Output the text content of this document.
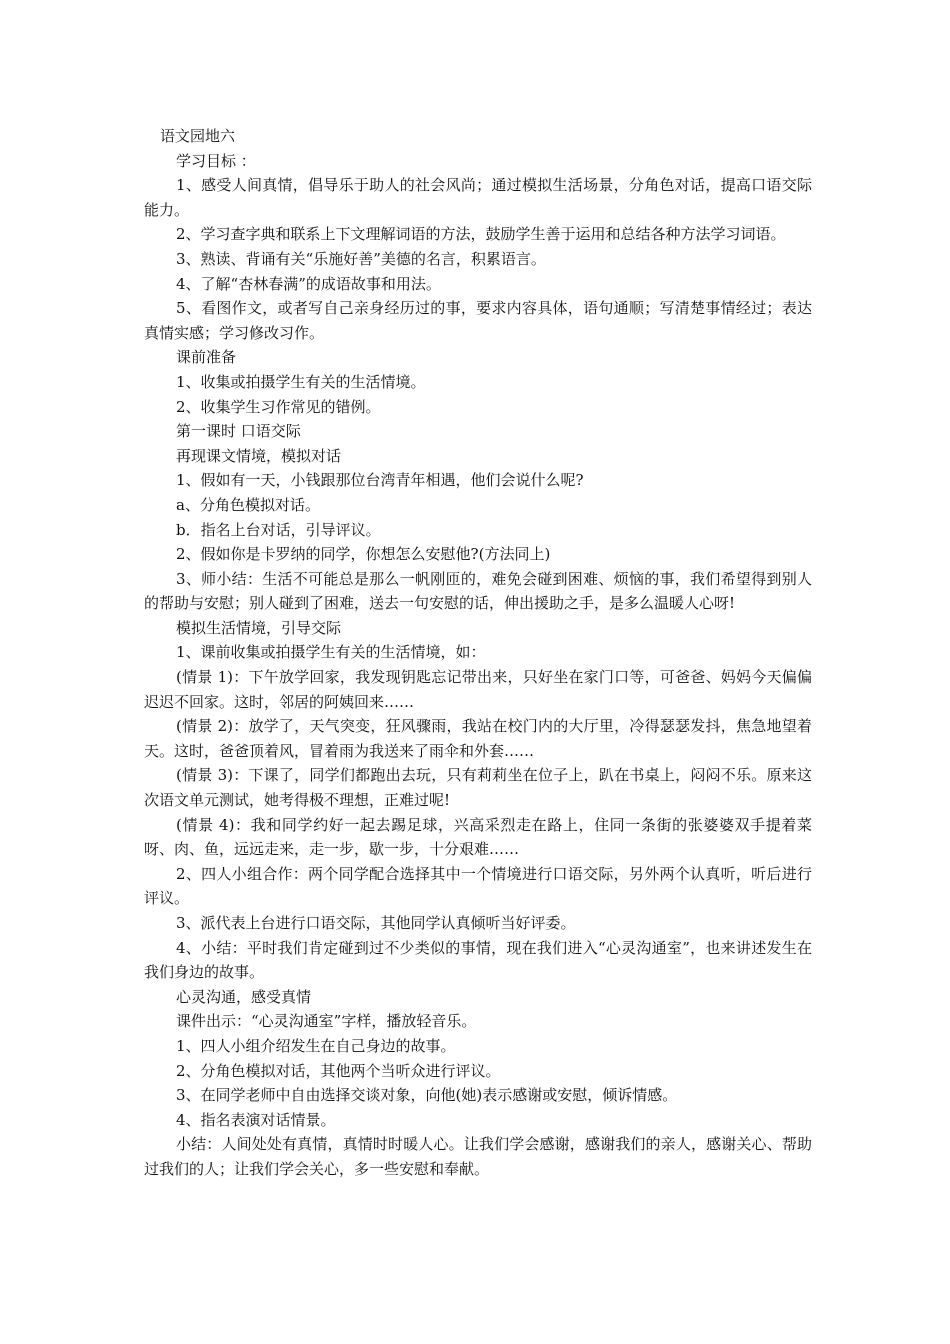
语文园地六

学习目标 ：

1、感受人间真情，倡导乐于助人的社会风尚；通过模拟生活场景，分角色对话，提高口语交际能力。

2、学习查字典和联系上下文理解词语的方法，鼓励学生善于运用和总结各种方法学习词语。

3、熟读、背诵有关“乐施好善”美德的名言，积累语言。

4、了解“杏林春满”的成语故事和用法。

5、看图作文，或者写自己亲身经历过的事，要求内容具体，语句通顺；写清楚事情经过；表达真情实感；学习修改习作。

课前准备

1、收集或拍摄学生有关的生活情境。

2、收集学生习作常见的错例。

第一课时 口语交际

再现课文情境，模拟对话

1、假如有一天，小钱跟那位台湾青年相遇，他们会说什么呢?

a、分角色模拟对话。

b．指名上台对话，引导评议。

2、假如你是卡罗纳的同学，你想怎么安慰他?(方法同上)

3、师小结：生活不可能总是那么一帆刚匝的，难免会碰到困难、烦恼的事，我们希望得到别人的帮助与安慰；别人碰到了困难，送去一句安慰的话，伸出援助之手，是多么温暖人心呀!

模拟生活情境，引导交际

1、课前收集或拍摄学生有关的生活情境，如：

(情景 1)：下午放学回家，我发现钥匙忘记带出来，只好坐在家门口等，可爸爸、妈妈今天偏偏迟迟不回家。这时，邻居的阿姨回来……

(情景 2)：放学了，天气突变，狂风骤雨，我站在校门内的大厅里，冷得瑟瑟发抖，焦急地望着天。这时，爸爸顶着风，冒着雨为我送来了雨伞和外套……

(情景 3)：下课了，同学们都跑出去玩，只有莉莉坐在位子上，趴在书桌上，闷闷不乐。原来这次语文单元测试，她考得极不理想，正难过呢!

(情景 4)：我和同学约好一起去踢足球，兴高采烈走在路上，住同一条街的张婆婆双手提着菜呀、肉、鱼，远远走来，走一步，歇一步，十分艰难……

2、四人小组合作：两个同学配合选择其中一个情境进行口语交际，另外两个认真听，听后进行评议。

3、派代表上台进行口语交际，其他同学认真倾听当好评委。

4、小结：平时我们肯定碰到过不少类似的事情，现在我们进入“心灵沟通室”，也来讲述发生在我们身边的故事。

心灵沟通，感受真情

课件出示：“心灵沟通室”字样，播放轻音乐。

1、四人小组介绍发生在自己身边的故事。

2、分角色模拟对话，其他两个当听众进行评议。

3、在同学老师中自由选择交谈对象，向他(她)表示感谢或安慰，倾诉情感。

4、指名表演对话情景。

小结：人间处处有真情，真情时时暖人心。让我们学会感谢，感谢我们的亲人，感谢关心、帮助过我们的人；让我们学会关心，多一些安慰和奉献。
